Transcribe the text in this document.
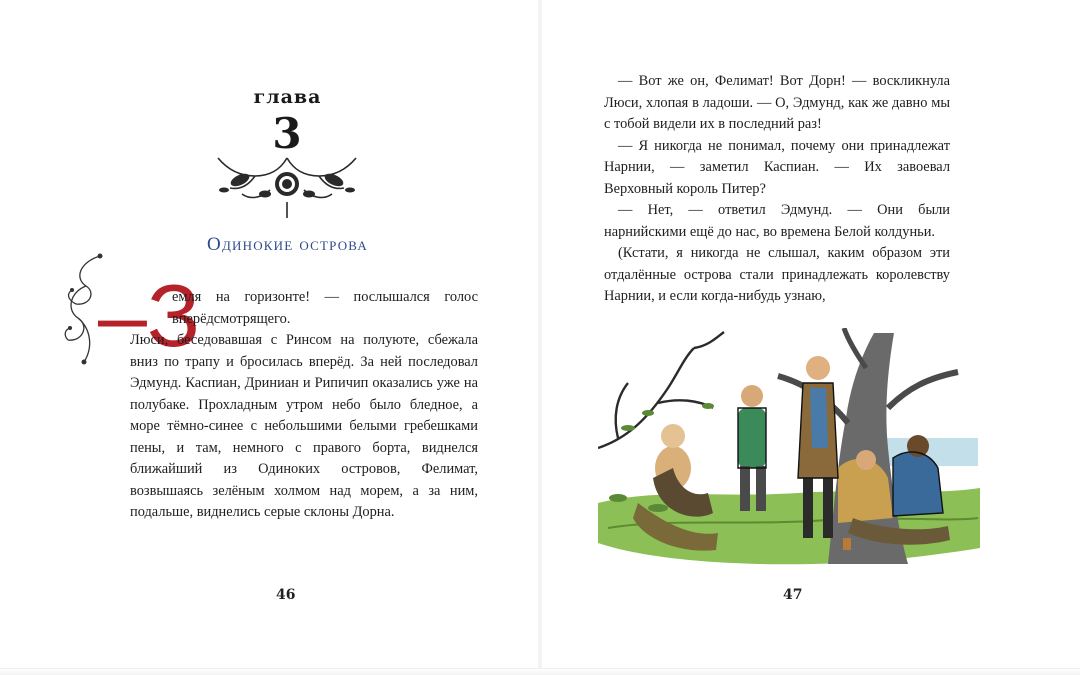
глава
3
Одинокие острова
–З
емля на горизонте! — послышался голос вперёдсмотрящего.

Люси, беседовавшая с Ринсом на полуюте, сбежала вниз по трапу и бросилась вперёд. За ней последовал Эдмунд. Каспиан, Дриниан и Рипичип оказались уже на полубаке. Прохладным утром небо было бледное, а море тёмно-синее с небольшими белыми гребешками пены, и там, немного с правого борта, виднелся ближайший из Одиноких островов, Фелимат, возвышаясь зелёным холмом над морем, а за ним, подальше, виднелись серые склоны Дорна.

46

— Вот же он, Фелимат! Вот Дорн! — воскликнула Люси, хлопая в ладоши. — О, Эдмунд, как же давно мы с тобой видели их в последний раз!

— Я никогда не понимал, почему они принадлежат Нарнии, — заметил Каспиан. — Их завоевал Верховный король Питер?

— Нет, — ответил Эдмунд. — Они были нарнийскими ещё до нас, во времена Белой колдуньи.

(Кстати, я никогда не слышал, каким образом эти отдалённые острова стали принадлежать королевству Нарнии, и если когда-нибудь узнаю,

47
